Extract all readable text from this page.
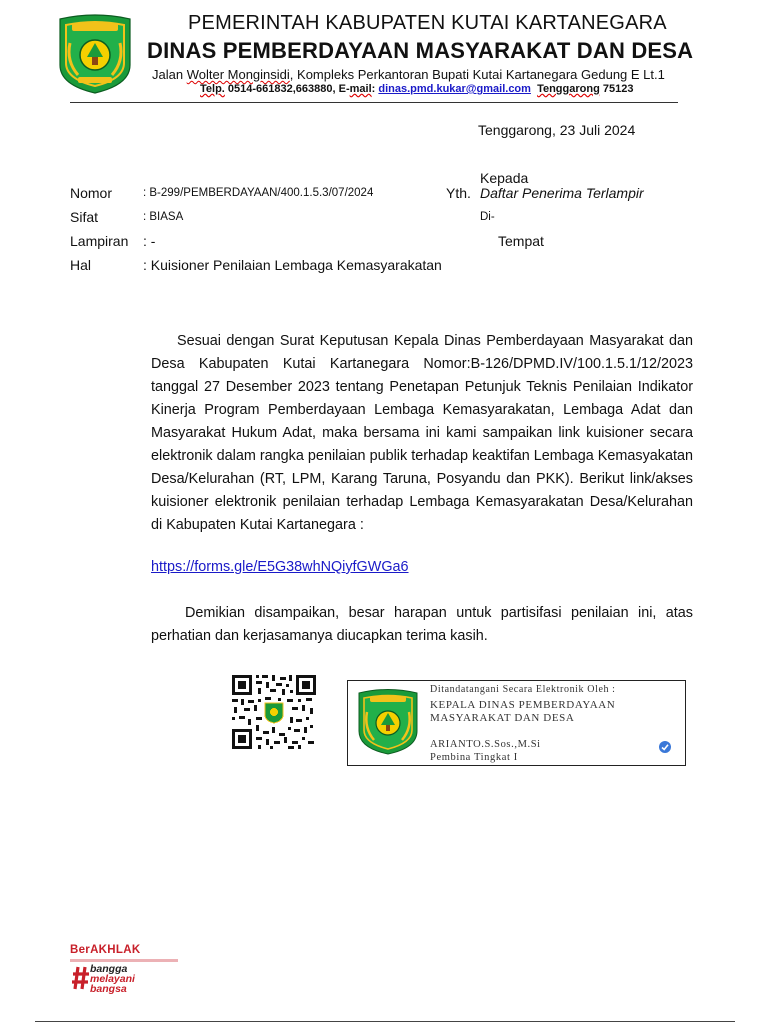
PEMERINTAH KABUPATEN KUTAI KARTANEGARA
DINAS PEMBERDAYAAN MASYARAKAT DAN DESA
Jalan Wolter Monginsidi, Kompleks Perkantoran Bupati Kutai Kartanegara Gedung E Lt.1
Telp. 0514-661832,663880, E-mail: dinas.pmd.kukar@gmail.com Tenggarong 75123
Tenggarong, 23 Juli 2024
Kepada
Yth. Daftar Penerima Terlampir
Di-
Tempat
Nomor	: B-299/PEMBERDAYAAN/400.1.5.3/07/2024
Sifat	: BIASA
Lampiran : -
Hal	: Kuisioner Penilaian Lembaga Kemasyarakatan
Sesuai dengan Surat Keputusan Kepala Dinas Pemberdayaan Masyarakat dan Desa Kabupaten Kutai Kartanegara Nomor:B-126/DPMD.IV/100.1.5.1/12/2023 tanggal 27 Desember 2023 tentang Penetapan Petunjuk Teknis Penilaian Indikator Kinerja Program Pemberdayaan Lembaga Kemasyarakatan, Lembaga Adat dan Masyarakat Hukum Adat, maka bersama ini kami sampaikan link kuisioner secara elektronik dalam rangka penilaian publik terhadap keaktifan Lembaga Kemasyakatan Desa/Kelurahan (RT, LPM, Karang Taruna, Posyandu dan PKK). Berikut link/akses kuisioner elektronik penilaian terhadap Lembaga Kemasyarakatan Desa/Kelurahan di Kabupaten Kutai Kartanegara :
https://forms.gle/E5G38whNQiyfGWGa6
Demikian disampaikan, besar harapan untuk partisifasi penilaian ini, atas perhatian dan kerjasamanya diucapkan terima kasih.
Ditandatangani Secara Elektronik Oleh :
KEPALA DINAS PEMBERDAYAAN
MASYARAKAT DAN DESA
ARIANTO.S.Sos.,M.Si
Pembina Tingkat I
BerAKHLAK
bangga
melayani
bangsa
